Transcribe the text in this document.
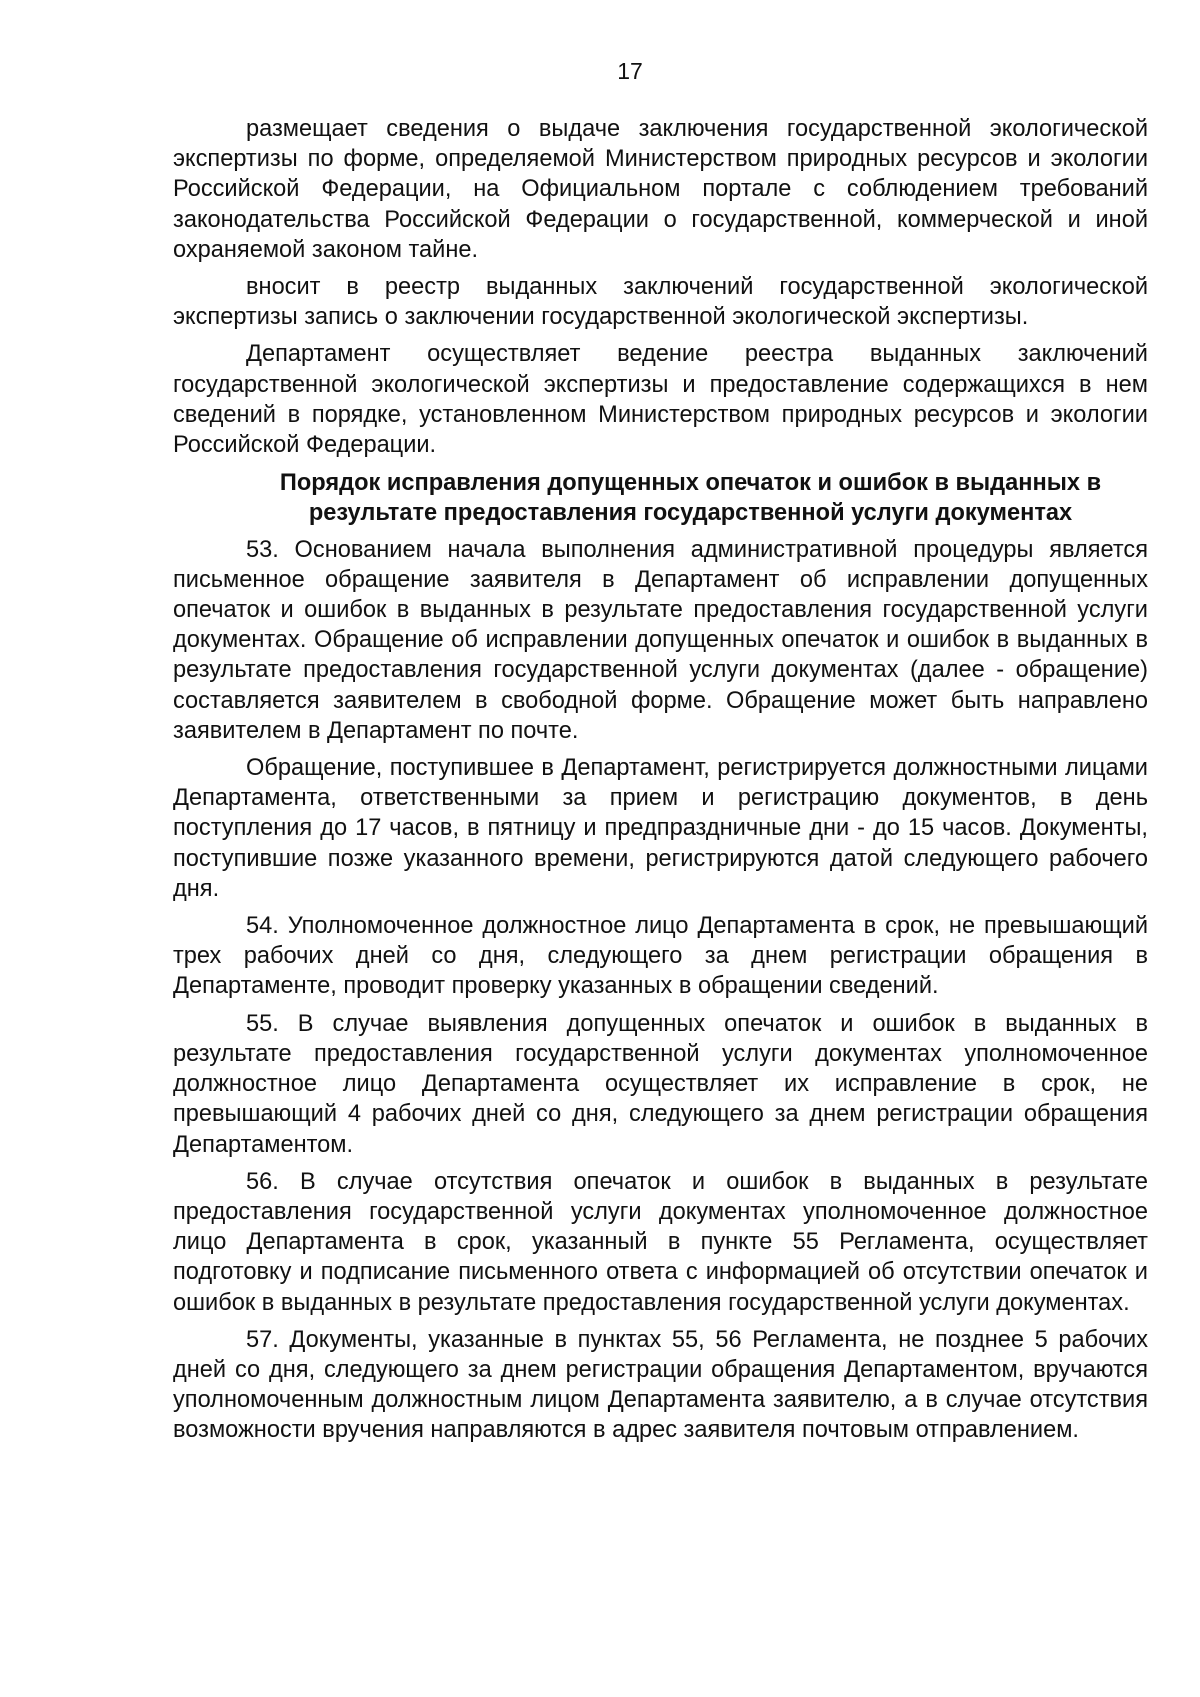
17

размещает сведения о выдаче заключения государственной экологической экспертизы по форме, определяемой Министерством природных ресурсов и экологии Российской Федерации, на Официальном портале с соблюдением требований законодательства Российской Федерации о государственной, коммерческой и иной охраняемой законом тайне.

вносит в реестр выданных заключений государственной экологической экспертизы запись о заключении государственной экологической экспертизы.

Департамент осуществляет ведение реестра выданных заключений государственной экологической экспертизы и предоставление содержащихся в нем сведений в порядке, установленном Министерством природных ресурсов и экологии Российской Федерации.

Порядок исправления допущенных опечаток и ошибок в выданных в результате предоставления государственной услуги документах

53. Основанием начала выполнения административной процедуры является письменное обращение заявителя в Департамент об исправлении допущенных опечаток и ошибок в выданных в результате предоставления государственной услуги документах. Обращение об исправлении допущенных опечаток и ошибок в выданных в результате предоставления государственной услуги документах (далее - обращение) составляется заявителем в свободной форме. Обращение может быть направлено заявителем в Департамент по почте.

Обращение, поступившее в Департамент, регистрируется должностными лицами Департамента, ответственными за прием и регистрацию документов, в день поступления до 17 часов, в пятницу и предпраздничные дни - до 15 часов. Документы, поступившие позже указанного времени, регистрируются датой следующего рабочего дня.

54. Уполномоченное должностное лицо Департамента в срок, не превышающий трех рабочих дней со дня, следующего за днем регистрации обращения в Департаменте, проводит проверку указанных в обращении сведений.

55. В случае выявления допущенных опечаток и ошибок в выданных в результате предоставления государственной услуги документах уполномоченное должностное лицо Департамента осуществляет их исправление в срок, не превышающий 4 рабочих дней со дня, следующего за днем регистрации обращения Департаментом.

56. В случае отсутствия опечаток и ошибок в выданных в результате предоставления государственной услуги документах уполномоченное должностное лицо Департамента в срок, указанный в пункте 55 Регламента, осуществляет подготовку и подписание письменного ответа с информацией об отсутствии опечаток и ошибок в выданных в результате предоставления государственной услуги документах.

57. Документы, указанные в пунктах 55, 56 Регламента, не позднее 5 рабочих дней со дня, следующего за днем регистрации обращения Департаментом, вручаются уполномоченным должностным лицом Департамента заявителю, а в случае отсутствия возможности вручения направляются в адрес заявителя почтовым отправлением.
